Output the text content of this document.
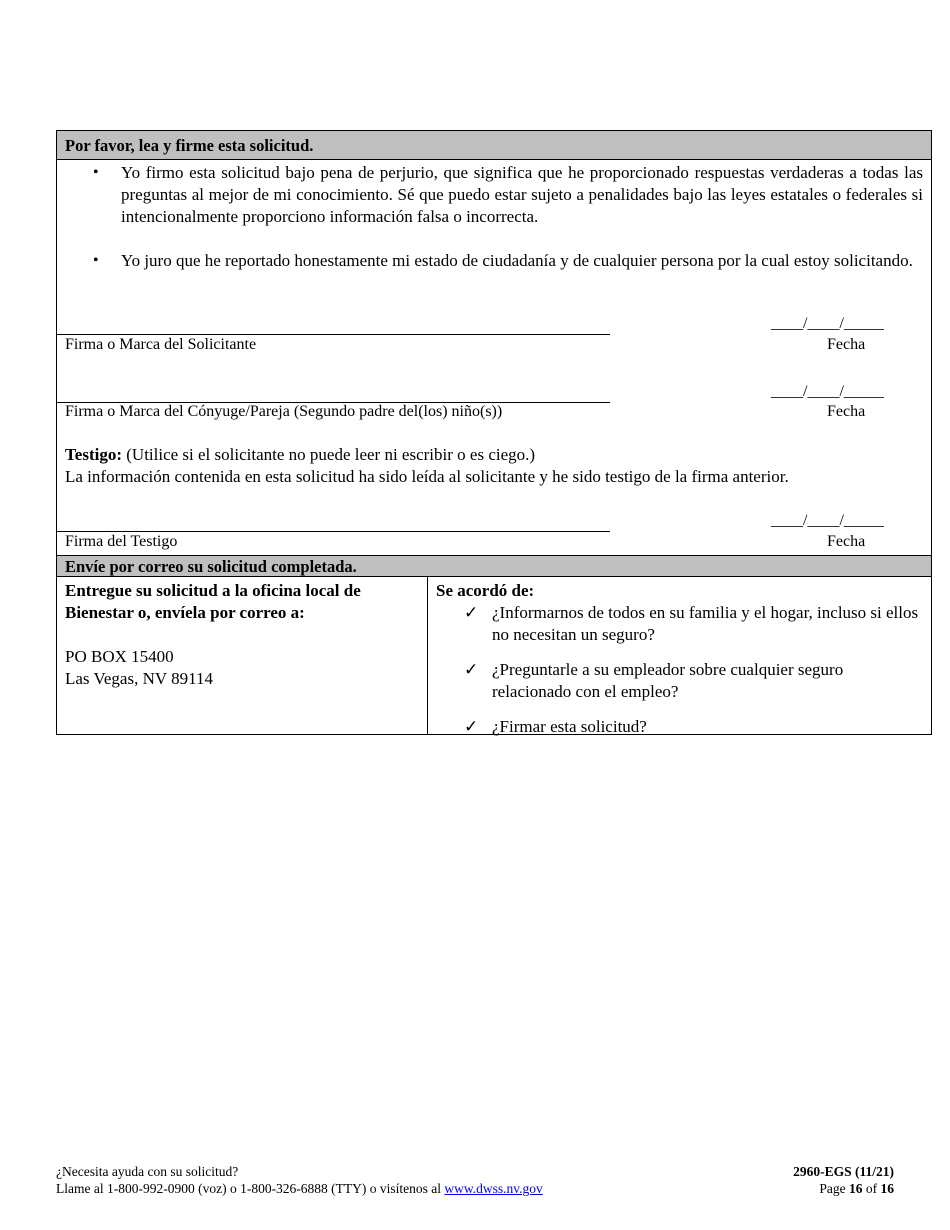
Por favor, lea y firme esta solicitud.
• Yo firmo esta solicitud bajo pena de perjurio, que significa que he proporcionado respuestas verdaderas a todas las preguntas al mejor de mi conocimiento. Sé que puedo estar sujeto a penalidades bajo las leyes estatales o federales si intencionalmente proporciono información falsa o incorrecta.
• Yo juro que he reportado honestamente mi estado de ciudadanía y de cualquier persona por la cual estoy solicitando.
____/____/_____
Firma o Marca del Solicitante	Fecha
____/____/_____
Firma o Marca del Cónyuge/Pareja (Segundo padre del(los) niño(s))	Fecha
Testigo: (Utilice si el solicitante no puede leer ni escribir o es ciego.)
La información contenida en esta solicitud ha sido leída al solicitante y he sido testigo de la firma anterior.
____/____/_____
Firma del Testigo	Fecha
Envíe por correo su solicitud completada.
Entregue su solicitud a la oficina local de
Bienestar o, envíela por correo a:
PO BOX 15400
Las Vegas, NV 89114
Se acordó de:

✓ ¿Informarnos de todos en su familia y el hogar, incluso si ellos no necesitan un seguro?

✓ ¿Preguntarle a su empleador sobre cualquier seguro relacionado con el empleo?

✓ ¿Firmar esta solicitud?

¿Necesita ayuda con su solicitud?
Llame al 1-800-992-0900 (voz) o 1-800-326-6888 (TTY) o visítenos al www.dwss.nv.gov
2960-EGS (11/21)
Page 16 of 16
